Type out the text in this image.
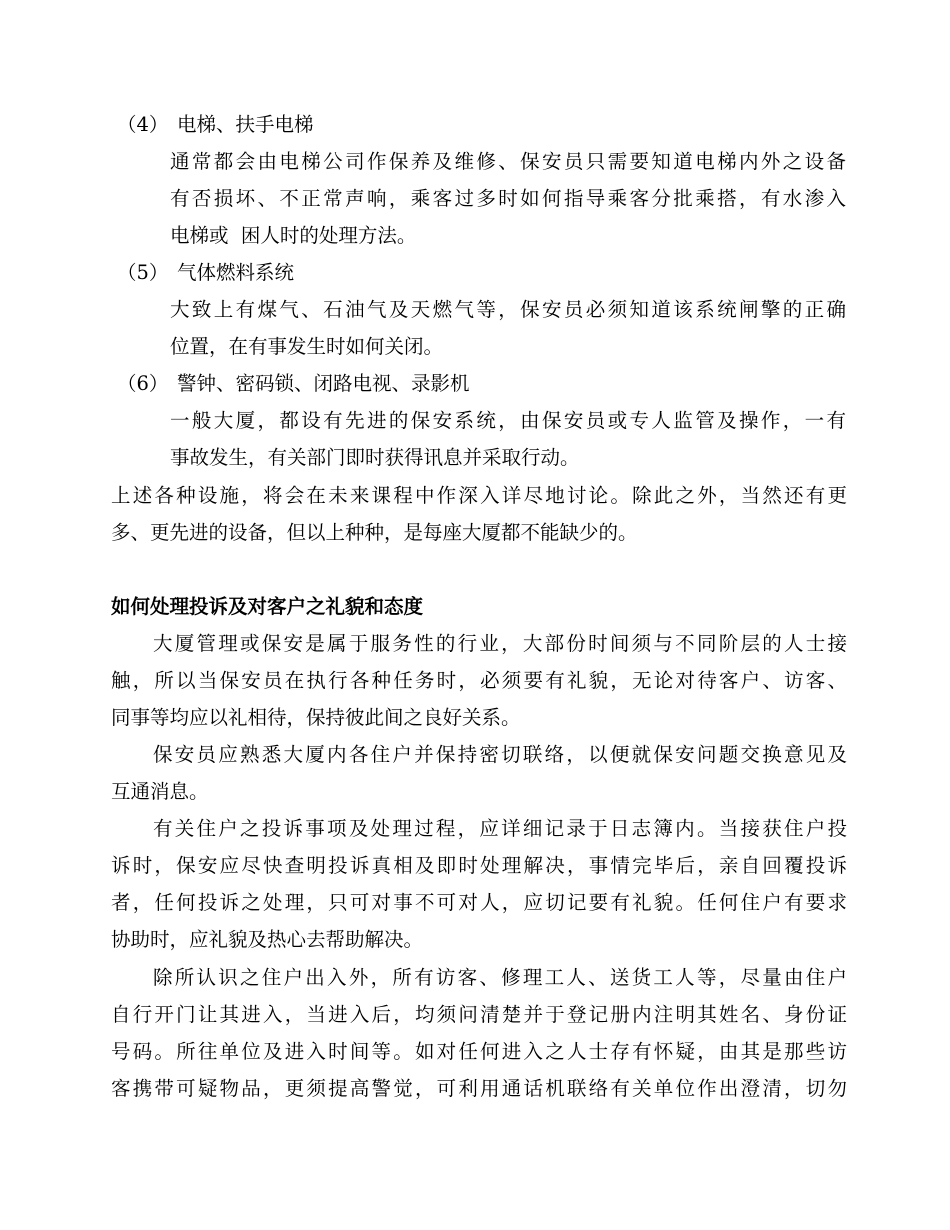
（4） 电梯、扶手电梯
通常都会由电梯公司作保养及维修、保安员只需要知道电梯内外之设备
有否损坏、不正常声响，乘客过多时如何指导乘客分批乘搭，有水渗入
电梯或  困人时的处理方法。
（5） 气体燃料系统
大致上有煤气、石油气及天燃气等，保安员必须知道该系统闸擎的正确
位置，在有事发生时如何关闭。
（6） 警钟、密码锁、闭路电视、录影机
一般大厦，都设有先进的保安系统，由保安员或专人监管及操作，一有
事故发生，有关部门即时获得讯息并采取行动。
上述各种设施，将会在未来课程中作深入详尽地讨论。除此之外，当然还有更
多、更先进的设备，但以上种种，是每座大厦都不能缺少的。
如何处理投诉及对客户之礼貌和态度
大厦管理或保安是属于服务性的行业，大部份时间须与不同阶层的人士接
触，所以当保安员在执行各种任务时，必须要有礼貌，无论对待客户、访客、
同事等均应以礼相待，保持彼此间之良好关系。
保安员应熟悉大厦内各住户并保持密切联络，以便就保安问题交换意见及
互通消息。
有关住户之投诉事项及处理过程，应详细记录于日志簿内。当接获住户投
诉时，保安应尽快查明投诉真相及即时处理解决，事情完毕后，亲自回覆投诉
者，任何投诉之处理，只可对事不可对人，应切记要有礼貌。任何住户有要求
协助时，应礼貌及热心去帮助解决。
除所认识之住户出入外，所有访客、修理工人、送货工人等，尽量由住户
自行开门让其进入，当进入后，均须问清楚并于登记册内注明其姓名、身份证
号码。所往单位及进入时间等。如对任何进入之人士存有怀疑，由其是那些访
客携带可疑物品，更须提高警觉，可利用通话机联络有关单位作出澄清，切勿
